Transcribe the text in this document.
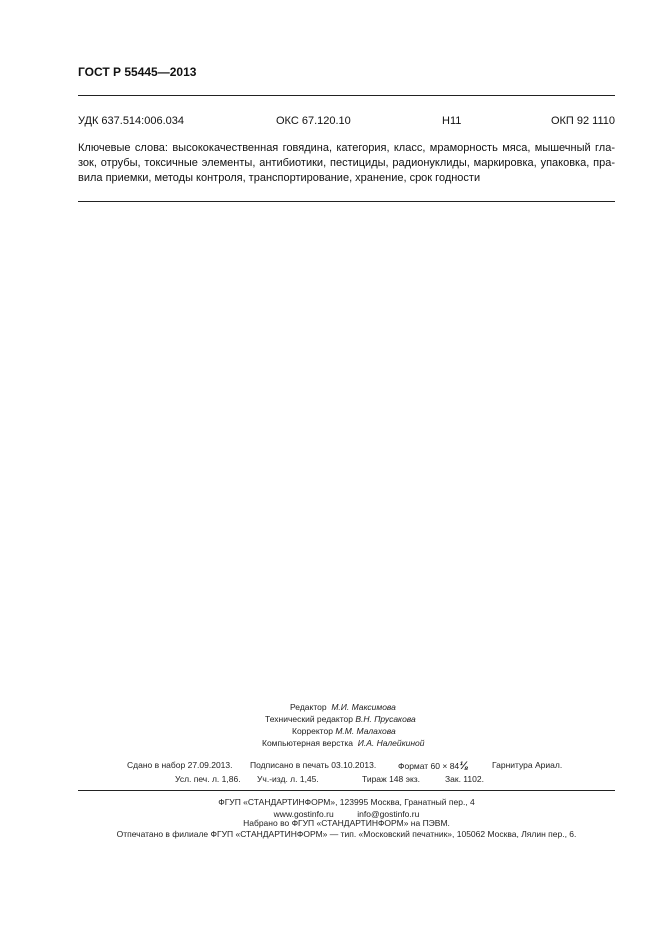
ГОСТ Р 55445—2013
УДК 637.514:006.034	ОКС 67.120.10	Н11	ОКП 92 1110
Ключевые слова: высококачественная говядина, категория, класс, мраморность мяса, мышечный гла-
зок, отрубы, токсичные элементы, антибиотики, пестициды, радионуклиды, маркировка, упаковка, пра-
вила приемки, методы контроля, транспортирование, хранение, срок годности
Редактор М.И. Максимова
Технический редактор В.Н. Прусакова
Корректор М.М. Малахова
Компьютерная верстка И.А. Налейкиной
Сдано в набор 27.09.2013. Подписано в печать 03.10.2013.	Формат 60 × 84⅛	Гарнитура Ариал.
Усл. печ. л. 1,86. Уч.-изд. л. 1,45.	Тираж 148 экз.	Зак. 1102.
ФГУП «СТАНДАРТИНФОРМ», 123995 Москва, Гранатный пер., 4
www.gostinfo.ru	info@gostinfo.ru
Набрано во ФГУП «СТАНДАРТИНФОРМ» на ПЭВМ.
Отпечатано в филиале ФГУП «СТАНДАРТИНФОРМ» — тип. «Московский печатник», 105062 Москва, Лялин пер., 6.
